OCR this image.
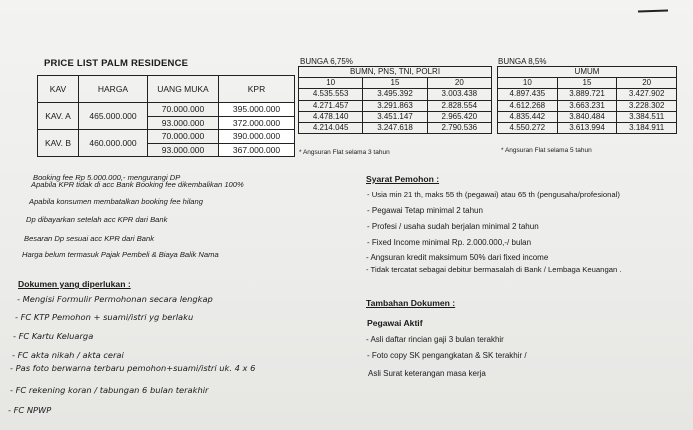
PRICE LIST PALM RESIDENCE
KAV	HARGA	UANG MUKA	KPR
KAV. A	465.000.000	70.000.000	395.000.000
		93.000.000	372.000.000
KAV. B	460.000.000	70.000.000	390.000.000
		93.000.000	367.000.000
BUNGA 6,75%
BUMN, PNS, TNI, POLRI		
10	15	20
4.535.553	3.495.392	3.003.438
4.271.457	3.291.863	2.828.554
4.478.140	3.451.147	2.965.420
4.214.045	3.247.618	2.790.536
* Angsuran Flat selama 3 tahun
BUNGA 8,5%
UMUM		
10	15	20
4.897.435	3.889.721	3.427.902
4.612.268	3.663.231	3.228.302
4.835.442	3.840.484	3.384.511
4.550.272	3.613.994	3.184.911
* Angsuran Flat selama 5 tahun
Booking fee Rp 5.000.000,- mengurangi DP
Apabila KPR tidak di acc Bank Booking fee dikembalikan 100%
Apabila konsumen membatalkan booking fee hilang
Dp dibayarkan setelah acc KPR dari Bank
Besaran Dp sesuai acc KPR dari Bank
Harga belum termasuk Pajak Pembeli & Biaya Balik Nama
Syarat Pemohon :
- Usia min 21 th, maks 55 th (pegawai) atau 65 th (pengusaha/profesional)
- Pegawai Tetap minimal 2 tahun
- Profesi / usaha sudah berjalan minimal 2 tahun
- Fixed Income minimal Rp. 2.000.000,-/ bulan
- Angsuran kredit maksimum 50% dari fixed income
- Tidak tercatat sebagai debitur bermasalah di Bank / Lembaga Keuangan .
Dokumen yang diperlukan :
- Mengisi Formulir Permohonan secara lengkap
- FC KTP Pemohon + suami/istri yg berlaku
- FC Kartu Keluarga
- FC akta nikah / akta cerai
- Pas foto berwarna terbaru pemohon+suami/istri uk. 4 x 6
- FC rekening koran / tabungan 6 bulan terakhir
- FC NPWP
Tambahan Dokumen :
Pegawai Aktif
- Asli daftar rincian gaji 3 bulan terakhir
- Foto copy SK pengangkatan & SK terakhir /
Asli Surat keterangan masa kerja
